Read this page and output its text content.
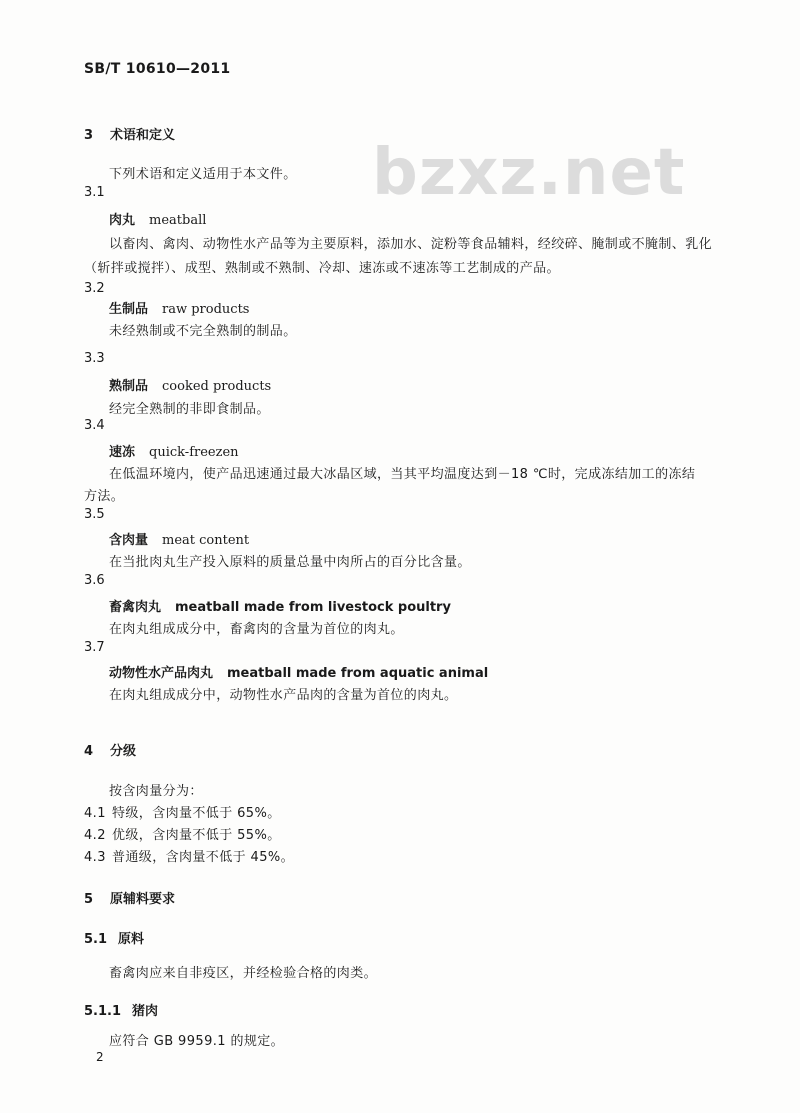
SB/T 10610—2011
bzxz.net
3 术语和定义
下列术语和定义适用于本文件。
3.1
肉丸 meatball
以畜肉、禽肉、动物性水产品等为主要原料，添加水、淀粉等食品辅料，经绞碎、腌制或不腌制、乳化
（斩拌或搅拌）、成型、熟制或不熟制、冷却、速冻或不速冻等工艺制成的产品。
3.2
生制品 raw products
未经熟制或不完全熟制的制品。
3.3
熟制品 cooked products
经完全熟制的非即食制品。
3.4
速冻 quick-freezen
在低温环境内，使产品迅速通过最大冰晶区域，当其平均温度达到－18 ℃时，完成冻结加工的冻结
方法。
3.5
含肉量 meat content
在当批肉丸生产投入原料的质量总量中肉所占的百分比含量。
3.6
畜禽肉丸 meatball made from livestock poultry
在肉丸组成成分中，畜禽肉的含量为首位的肉丸。
3.7
动物性水产品肉丸 meatball made from aquatic animal
在肉丸组成成分中，动物性水产品肉的含量为首位的肉丸。
4 分级
按含肉量分为：
4.1 特级，含肉量不低于 65%。
4.2 优级，含肉量不低于 55%。
4.3 普通级，含肉量不低于 45%。
5 原辅料要求
5.1 原料
畜禽肉应来自非疫区，并经检验合格的肉类。
5.1.1 猪肉
应符合 GB 9959.1 的规定。
2
